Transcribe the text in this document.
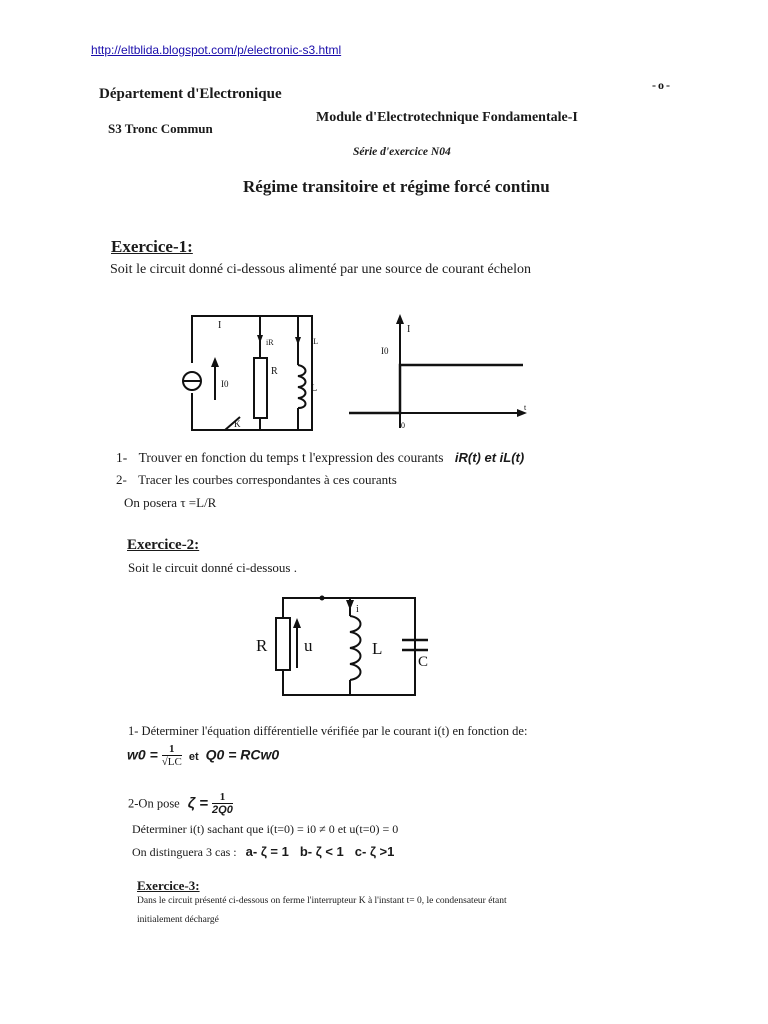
http://eltblida.blogspot.com/p/electronic-s3.html
-o-
Département d'Electronique
S3 Tronc Commun
Module d'Electrotechnique Fondamentale-I
Série d'exercice N04
Régime transitoire et régime forcé continu
Exercice-1:
Soit le circuit donné ci-dessous alimenté par une source de courant échelon
I
iR	iL
R
L
I0
K
I
I0
t
0
1- Trouver en fonction du temps t l'expression des courants iR(t) et iL(t)
2- Tracer les courbes correspondantes à ces courants
On posera τ =L/R
Exercice-2:
Soit le circuit donné ci-dessous .
R u
i
L
C
1- Déterminer l'équation différentielle vérifiée par le courant i(t) en fonction de:
$w0 = \frac{1}{√LC}$ et Q0 = RCw0
2-On pose $\zeta = \frac{1}{2Q0}$
Déterminer i(t) sachant que i(t=0) = i0 ≠ 0 et u(t=0) = 0
On distinguera 3 cas : a- ζ = 1 b- ζ < 1 c- ζ >1
Exercice-3:
Dans le circuit présenté ci-dessous on ferme l'interrupteur K à l'instant t= 0, le condensateur étant
initialement déchargé
